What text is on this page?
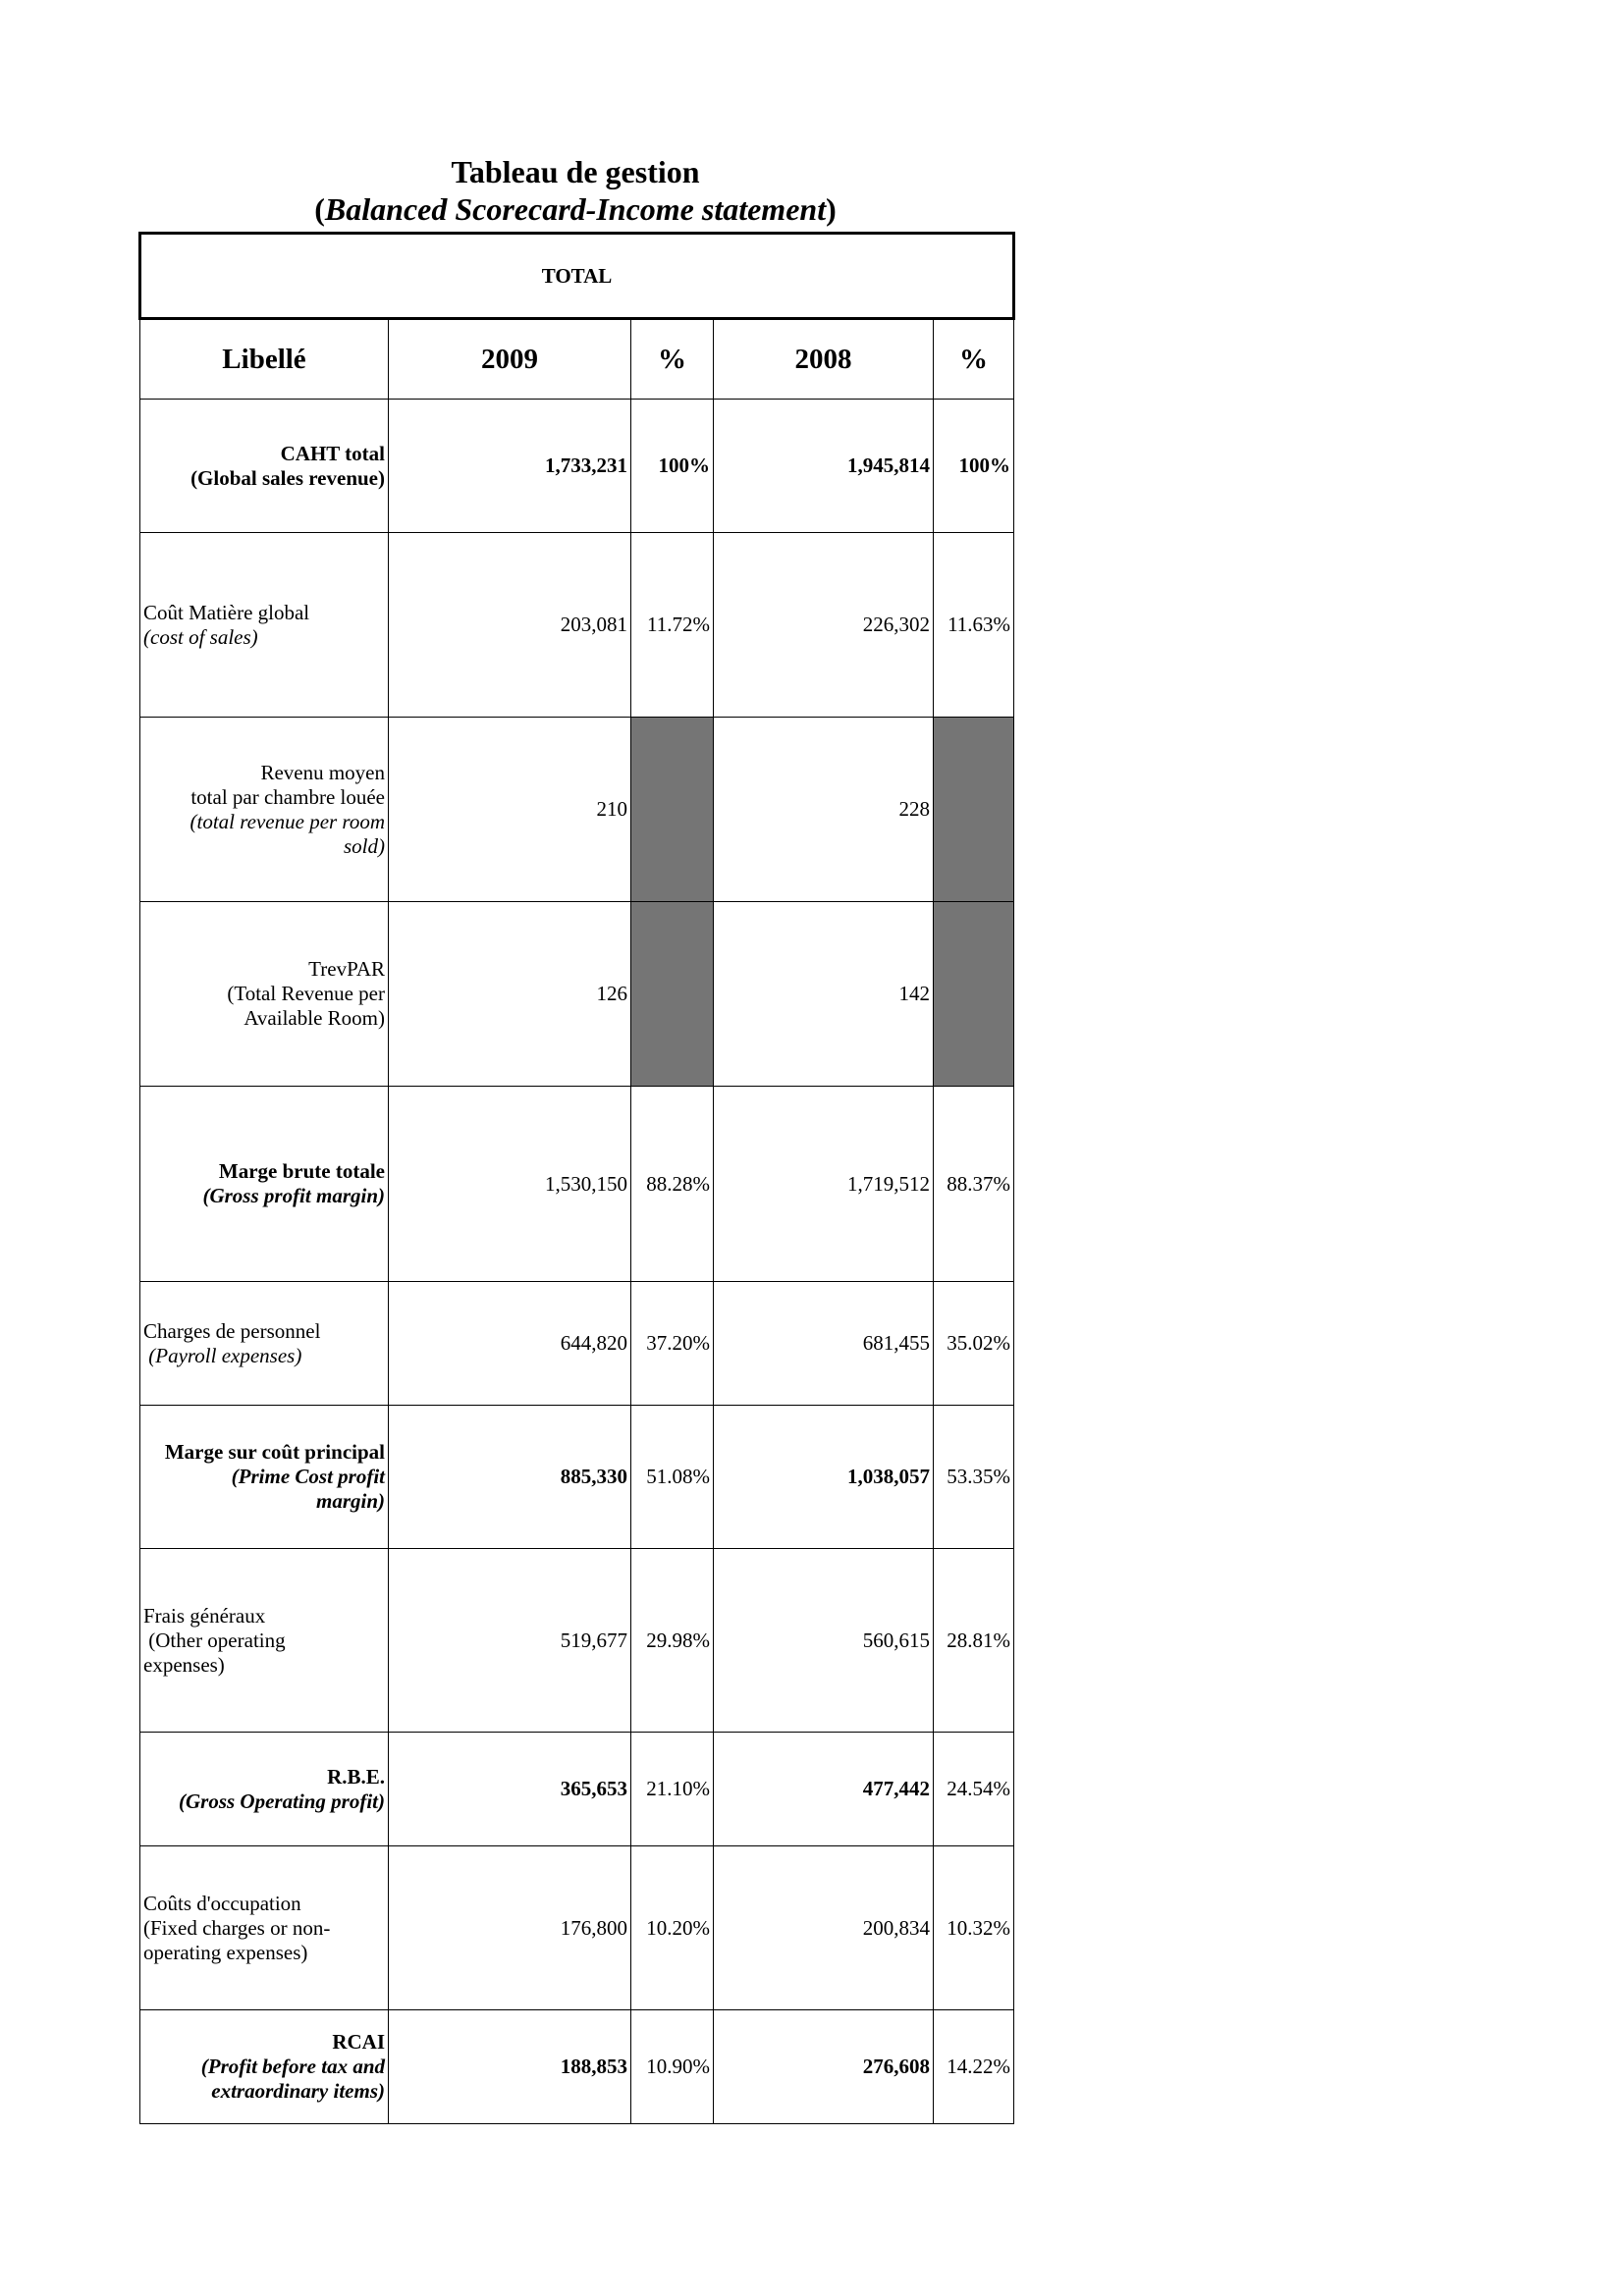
Tableau de gestion
(Balanced Scorecard-Income statement)
TOTAL				
Libellé	2009	%	2008	%

CAHT total
(Global sales revenue)	1,733,231	100%	1,945,814	100%

Coût Matière global
(cost of sales)	203,081	11.72%	226,302	11.63%

Revenu moyen
total par chambre louée
(total revenue per room
sold)	210		228	

TrevPAR
(Total Revenue per
Available Room)	126		142	

Marge brute totale
(Gross profit margin)	1,530,150	88.28%	1,719,512	88.37%

Charges de personnel
(Payroll expenses)	644,820	37.20%	681,455	35.02%

Marge sur coût principal
(Prime Cost profit
margin)	885,330	51.08%	1,038,057	53.35%

Frais généraux
(Other operating
expenses)	519,677	29.98%	560,615	28.81%

R.B.E.
(Gross Operating profit)	365,653	21.10%	477,442	24.54%

Coûts d'occupation
(Fixed charges or non-
operating expenses)	176,800	10.20%	200,834	10.32%

RCAI
(Profit before tax and
extraordinary items)	188,853	10.90%	276,608	14.22%
